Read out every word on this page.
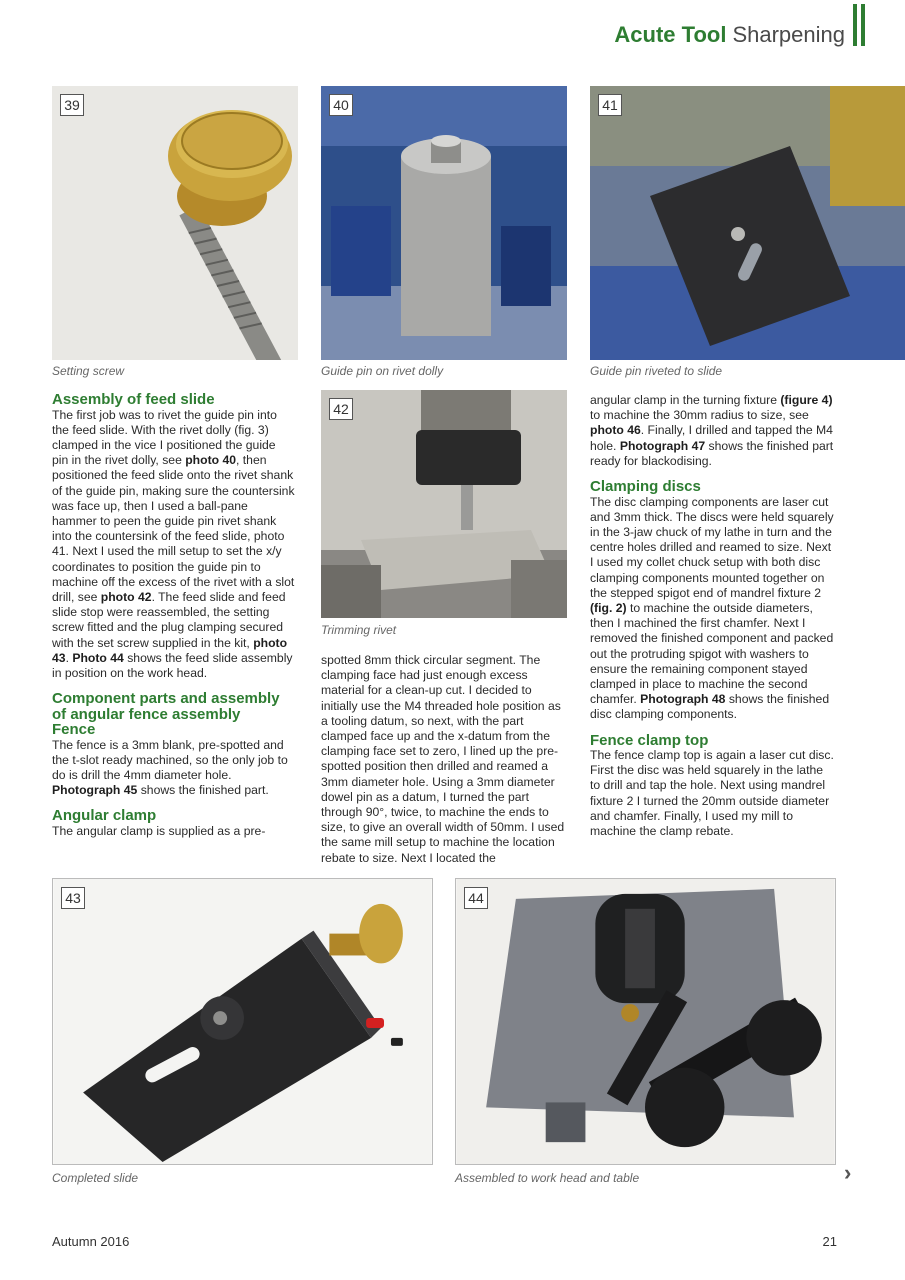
Acute Tool Sharpening
39
Setting screw
40
Guide pin on rivet dolly
41
Guide pin riveted to slide
42
Trimming rivet
Assembly of feed slide

The first job was to rivet the guide pin into the feed slide. With the rivet dolly (fig. 3) clamped in the vice I positioned the guide pin in the rivet dolly, see photo 40, then positioned the feed slide onto the rivet shank of the guide pin, making sure the countersink was face up, then I used a ball-pane hammer to peen the guide pin rivet shank into the countersink of the feed slide, photo 41. Next I used the mill setup to set the x/y coordinates to position the guide pin to machine off the excess of the rivet with a slot drill, see photo 42. The feed slide and feed slide stop were reassembled, the setting screw fitted and the plug clamping secured with the set screw supplied in the kit, photo 43. Photo 44 shows the feed slide assembly in position on the work head.

Component parts and assembly of angular fence assembly
Fence

The fence is a 3mm blank, pre-spotted and the t-slot ready machined, so the only job to do is drill the 4mm diameter hole. Photograph 45 shows the finished part.

Angular clamp

The angular clamp is supplied as a pre-

spotted 8mm thick circular segment. The clamping face had just enough excess material for a clean-up cut. I decided to initially use the M4 threaded hole position as a tooling datum, so next, with the part clamped face up and the x-datum from the clamping face set to zero, I lined up the pre-spotted position then drilled and reamed a 3mm diameter hole. Using a 3mm diameter dowel pin as a datum, I turned the part through 90°, twice, to machine the ends to size, to give an overall width of 50mm. I used the same mill setup to machine the location rebate to size. Next I located the

angular clamp in the turning fixture (figure 4) to machine the 30mm radius to size, see photo 46. Finally, I drilled and tapped the M4 hole. Photograph 47 shows the finished part ready for blackodising.

Clamping discs

The disc clamping components are laser cut and 3mm thick. The discs were held squarely in the 3-jaw chuck of my lathe in turn and the centre holes drilled and reamed to size. Next I used my collet chuck setup with both disc clamping components mounted together on the stepped spigot end of mandrel fixture 2 (fig. 2) to machine the outside diameters, then I machined the first chamfer. Next I removed the finished component and packed out the protruding spigot with washers to ensure the remaining component stayed clamped in place to machine the second chamfer. Photograph 48 shows the finished disc clamping components.

Fence clamp top

The fence clamp top is again a laser cut disc. First the disc was held squarely in the lathe to drill and tap the hole. Next using mandrel fixture 2 I turned the 20mm outside diameter and chamfer. Finally, I used my mill to machine the clamp rebate.

43
Completed slide
44
Assembled to work head and table	›
Autumn 2016	21
